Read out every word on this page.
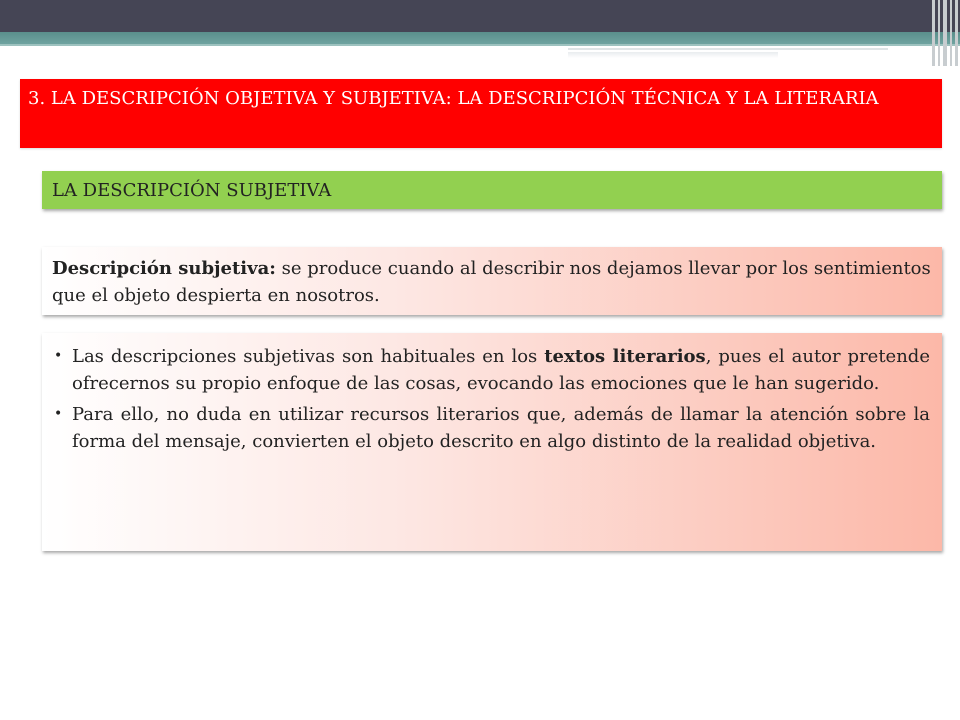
3. LA DESCRIPCIÓN OBJETIVA Y SUBJETIVA: LA DESCRIPCIÓN TÉCNICA Y LA LITERARIA
LA DESCRIPCIÓN SUBJETIVA
Descripción subjetiva: se produce cuando al describir nos dejamos llevar por los sentimientos que el objeto despierta en nosotros.
• Las descripciones subjetivas son habituales en los textos literarios, pues el autor pretende ofrecernos su propio enfoque de las cosas, evocando las emociones que le han sugerido.
• Para ello, no duda en utilizar recursos literarios que, además de llamar la atención sobre la forma del mensaje, convierten el objeto descrito en algo distinto de la realidad objetiva.
